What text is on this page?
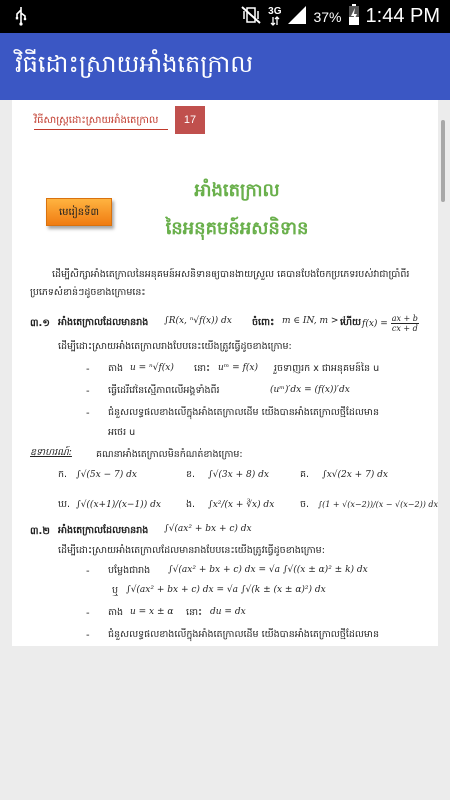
3G 37% 1:44 PM
វិធីដោះស្រាយអាំងតេក្រាល
វិធីសាស្ត្រដោះស្រាយអាំងតេក្រាល	17
មេរៀនទី៣
អាំងតេក្រាល
នៃអនុគមន៍អសនិទាន
ដើម្បីសិក្សាអាំងតេក្រាលនៃអនុគមន៍អសនិទានឲ្យបានងាយស្រួល គេបានបែងចែកប្រភេទរបស់វាជាប្រាំពីរប្រភេទសំខាន់ៗដូចខាងក្រោមនេះ
៣.១ អាំងតេក្រាលដែលមានរាង ∫R(x, ⁿ√f(x)) dx ចំពោះ m ∈ IN, m > 1
ហើយ $f(x) = \frac{ax + b}{cx + d}$
ដើម្បីដោះស្រាយអាំងតេក្រាលរាងបែបនេះយើងត្រូវធ្វើដូចខាងក្រោម:
- តាង u = ⁿ√f(x) នោះ uᵐ = f(x) រួចទាញរក x ជាអនុគមន៍នៃ u
- ធ្វើដេរីវេនៃស្មើភាពលើអង្គទាំងពីរ	(uᵐ)′dx = (f(x))′dx
- ជំនួសលទ្ធផលខាងលើក្នុងអាំងតេក្រាលដើម យើងបានអាំងតេក្រាលថ្មីដែលមាន
អថេរ u
ឧទាហរណ៍:	គណនាអាំងតេក្រាលមិនកំណត់ខាងក្រោម:
ក. ∫√(5x − 7) dx	ខ. ∫√(3x + 8) dx	គ. ∫x√(2x + 7) dx
ឃ. ∫√((x+1)/(x−1)) dx	ង. ∫x²/(x + ∛x) dx	ច. ∫(1 + √(x−2))/(x − √(x−2)) dx
៣.២ អាំងតេក្រាលដែលមានរាង ∫√(ax² + bx + c) dx
ដើម្បីដោះស្រាយអាំងតេក្រាលដែលមានរាងបែបនេះយើងត្រូវធ្វើដូចខាងក្រោម:
- បម្លែងជារាង ∫√(ax² + bx + c) dx = √a ∫√((x ± α)² ± k) dx
ឬ ∫√(ax² + bx + c) dx = √a ∫√(k ± (x ± α)²) dx
- តាង u = x ± α នោះ du = dx
- ជំនួសលទ្ធផលខាងលើក្នុងអាំងតេក្រាលដើម យើងបានអាំងតេក្រាលថ្មីដែលមាន
